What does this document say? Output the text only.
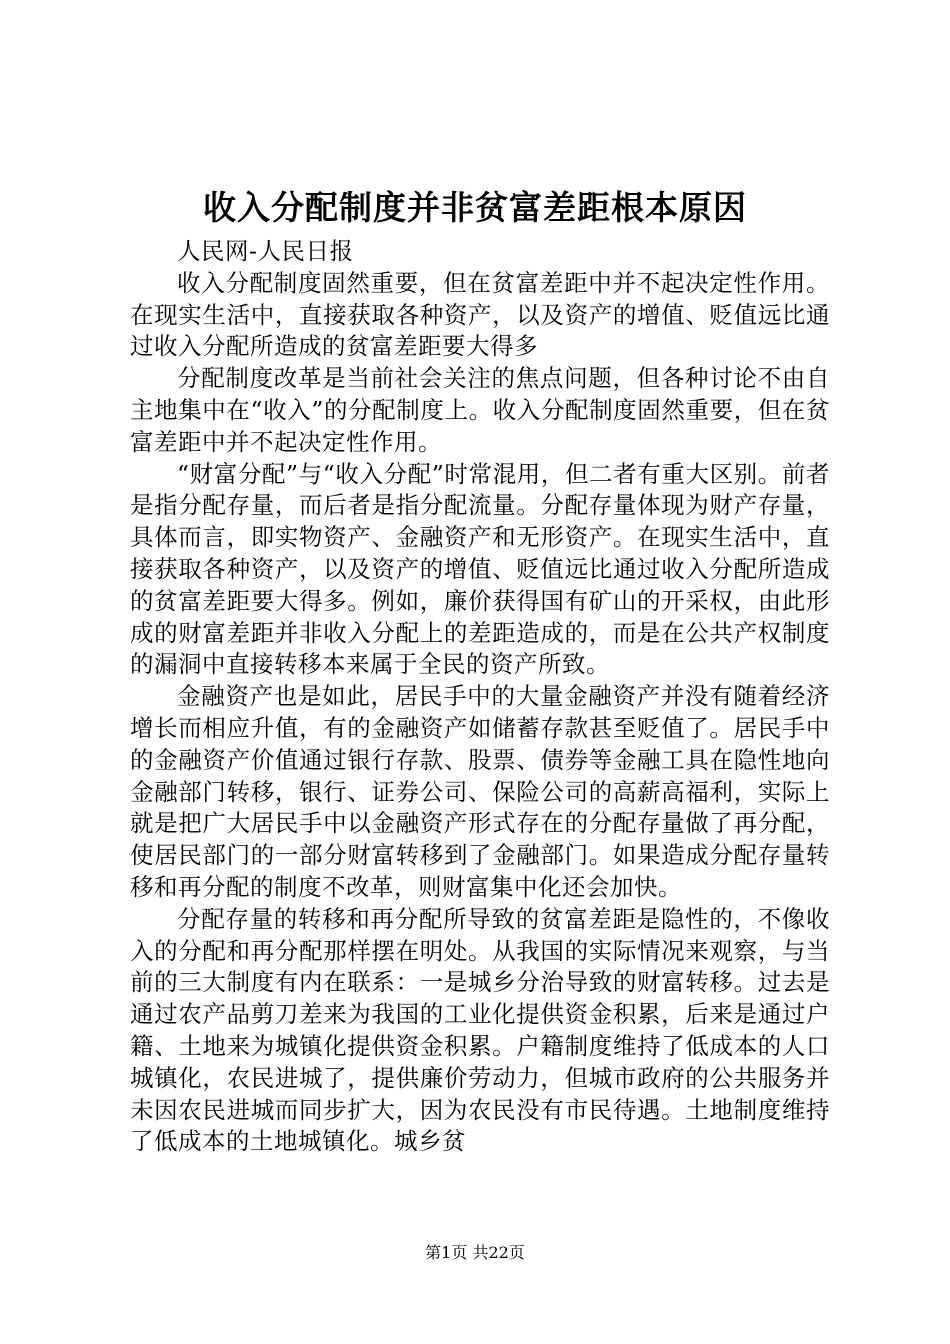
收入分配制度并非贫富差距根本原因

人民网-人民日报

收入分配制度固然重要，但在贫富差距中并不起决定性作用。在现实生活中，直接获取各种资产，以及资产的增值、贬值远比通过收入分配所造成的贫富差距要大得多

分配制度改革是当前社会关注的焦点问题，但各种讨论不由自主地集中在“收入”的分配制度上。收入分配制度固然重要，但在贫富差距中并不起决定性作用。

“财富分配”与“收入分配”时常混用，但二者有重大区别。前者是指分配存量，而后者是指分配流量。分配存量体现为财产存量，具体而言，即实物资产、金融资产和无形资产。在现实生活中，直接获取各种资产，以及资产的增值、贬值远比通过收入分配所造成的贫富差距要大得多。例如，廉价获得国有矿山的开采权，由此形成的财富差距并非收入分配上的差距造成的，而是在公共产权制度的漏洞中直接转移本来属于全民的资产所致。

金融资产也是如此，居民手中的大量金融资产并没有随着经济增长而相应升值，有的金融资产如储蓄存款甚至贬值了。居民手中的金融资产价值通过银行存款、股票、债券等金融工具在隐性地向金融部门转移，银行、证券公司、保险公司的高薪高福利，实际上就是把广大居民手中以金融资产形式存在的分配存量做了再分配，使居民部门的一部分财富转移到了金融部门。如果造成分配存量转移和再分配的制度不改革，则财富集中化还会加快。

分配存量的转移和再分配所导致的贫富差距是隐性的，不像收入的分配和再分配那样摆在明处。从我国的实际情况来观察，与当前的三大制度有内在联系：一是城乡分治导致的财富转移。过去是通过农产品剪刀差来为我国的工业化提供资金积累，后来是通过户籍、土地来为城镇化提供资金积累。户籍制度维持了低成本的人口城镇化，农民进城了，提供廉价劳动力，但城市政府的公共服务并未因农民进城而同步扩大，因为农民没有市民待遇。土地制度维持了低成本的土地城镇化。城乡贫

第1页 共22页
